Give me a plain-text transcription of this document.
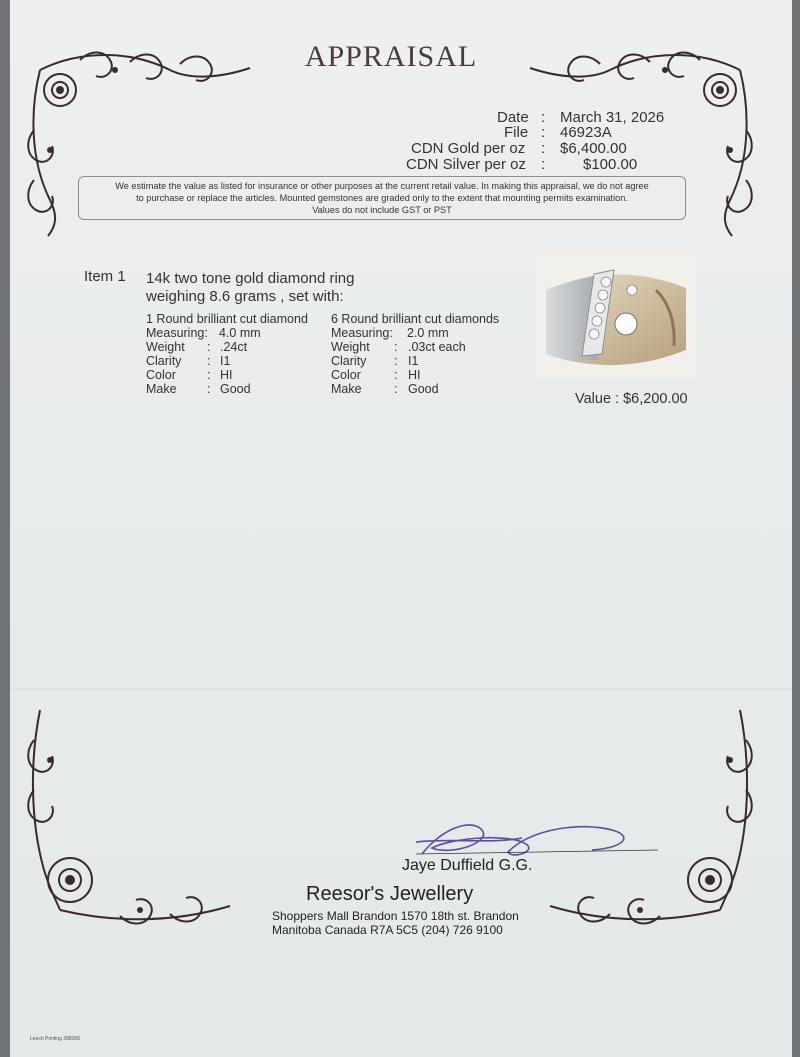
APPRAISAL
Date : March 31, 2026
File : 46923A
CDN Gold per oz : $6,400.00
CDN Silver per oz :	$100.00
We estimate the value as listed for insurance or other purposes at the current retail value. In making this appraisal, we do not agree
to purchase or replace the articles. Mounted gemstones are graded only to the extent that mounting permits examination.
Values do not include GST or PST
Item 1 14k two tone gold diamond ring
weighing 8.6 grams , set with:
1 Round brilliant cut diamond
Measuring: 4.0 mm
Weight : .24ct
Clarity : I1
Color : HI
Make : Good
6 Round brilliant cut diamonds
Measuring: 2.0 mm
Weight : .03ct each
Clarity : I1
Color	: HI
Make	: Good
Value : $6,200.00
Jaye Duffield G.G.
Reesor's Jewellery
Shoppers Mall Brandon 1570 18th st. Brandon
Manitoba Canada R7A 5C5 (204) 726 9100
Leech Printing 288306
